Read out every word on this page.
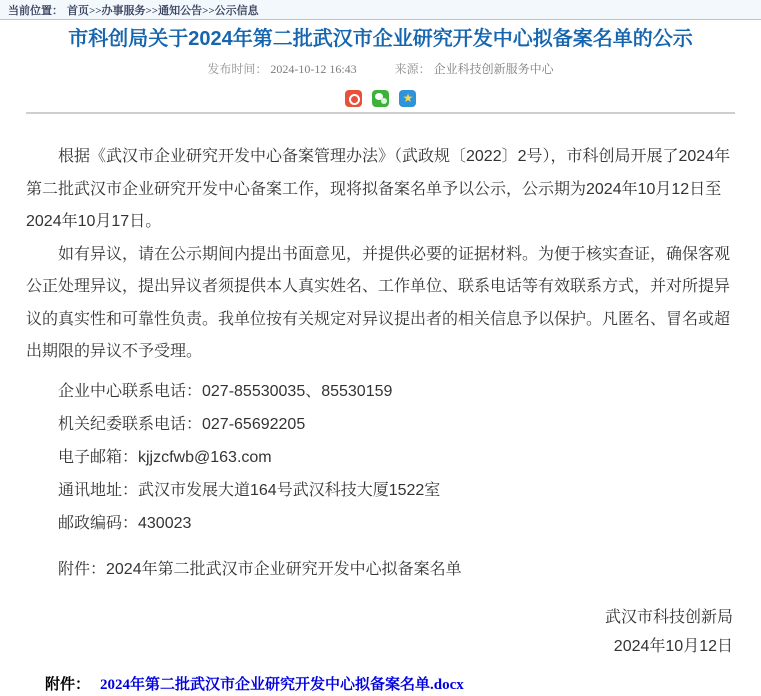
当前位置： 首页>>办事服务>>通知公告>>公示信息
市科创局关于2024年第二批武汉市企业研究开发中心拟备案名单的公示
发布时间： 2024-10-12 16:43	来源： 企业科技创新服务中心
★

根据《武汉市企业研究开发中心备案管理办法》（武政规〔2022〕2号），市科创局开展了2024年第二批武汉市企业研究开发中心备案工作，现将拟备案名单予以公示，公示期为2024年10月12日至2024年10月17日。

如有异议，请在公示期间内提出书面意见，并提供必要的证据材料。为便于核实查证，确保客观公正处理异议，提出异议者须提供本人真实姓名、工作单位、联系电话等有效联系方式，并对所提异议的真实性和可靠性负责。我单位按有关规定对异议提出者的相关信息予以保护。凡匿名、冒名或超出期限的异议不予受理。

企业中心联系电话：027-85530035、85530159

机关纪委联系电话：027-65692205

电子邮箱：kjjzcfwb@163.com

通讯地址：武汉市发展大道164号武汉科技大厦1522室

邮政编码：430023

附件：2024年第二批武汉市企业研究开发中心拟备案名单

武汉市科技创新局

2024年10月12日

附件： 2024年第二批武汉市企业研究开发中心拟备案名单.docx
